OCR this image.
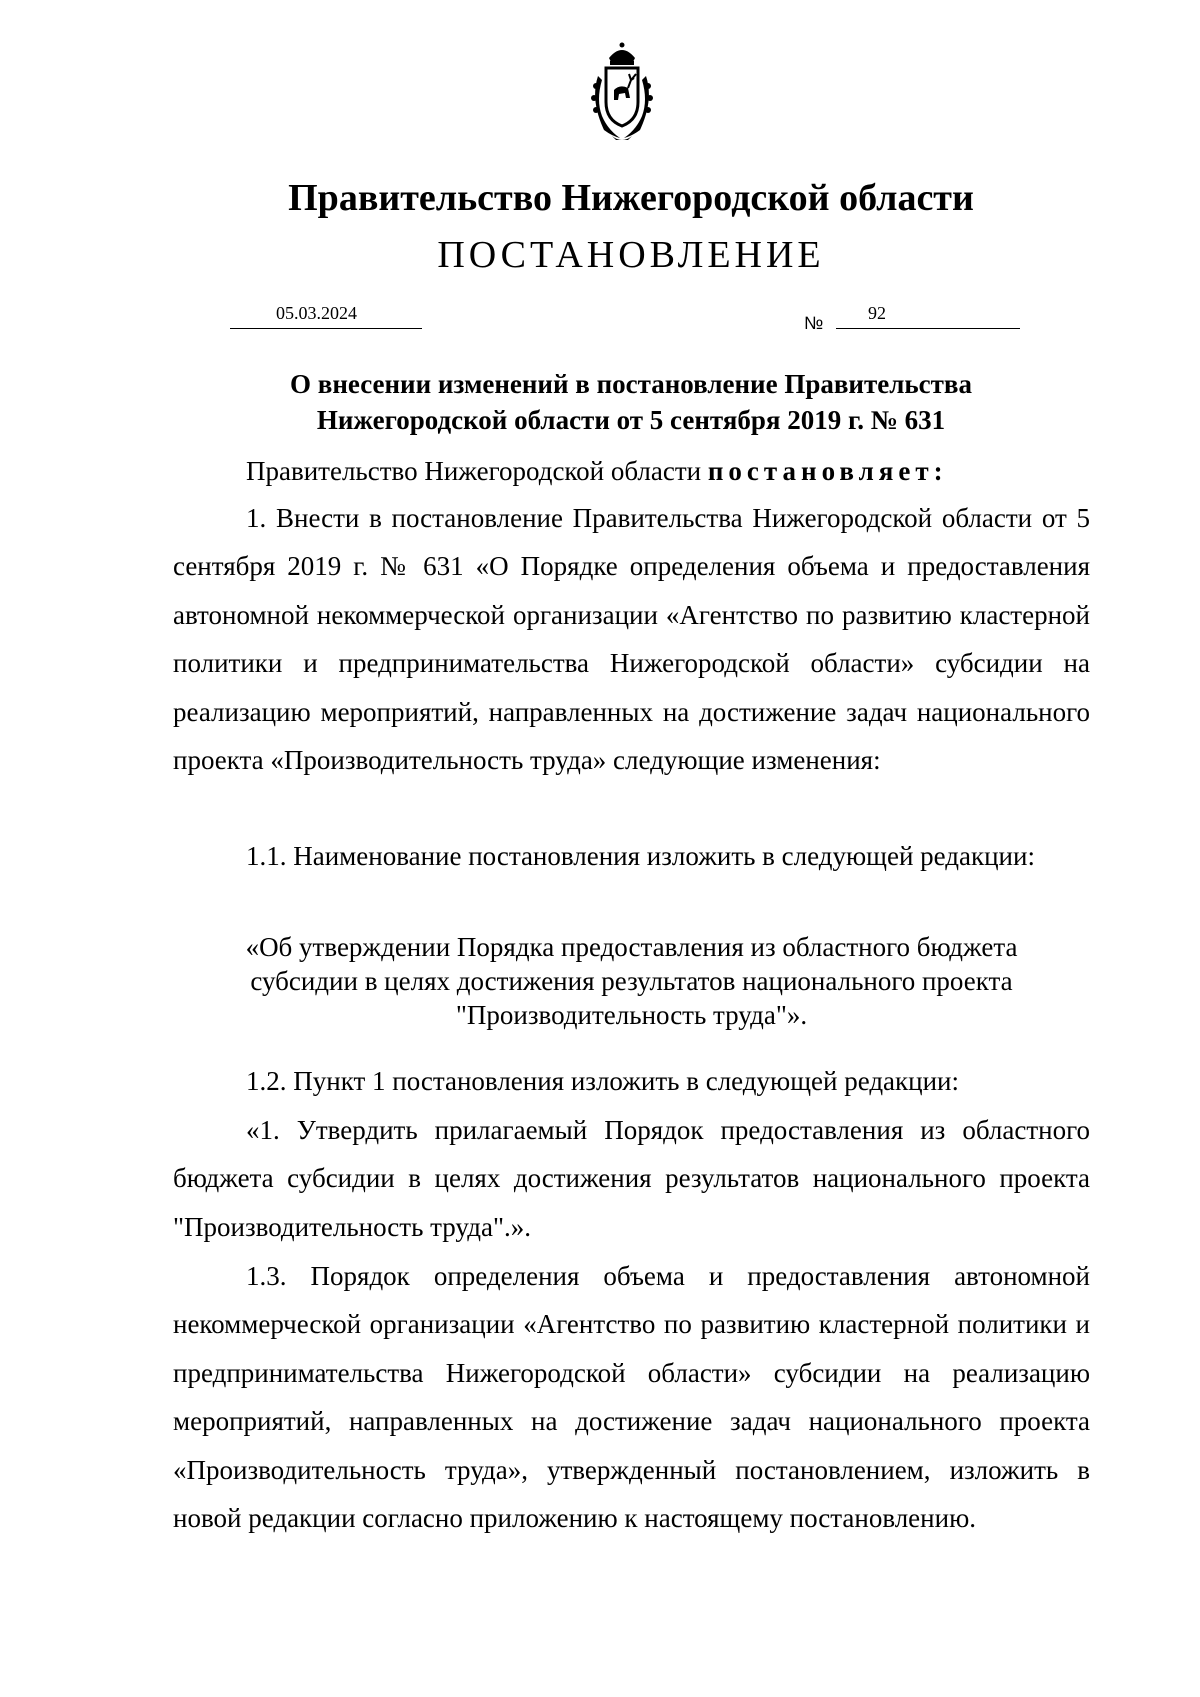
Правительство Нижегородской области
ПОСТАНОВЛЕНИЕ
05.03.2024	№ 92
О внесении изменений в постановление Правительства
Нижегородской области от 5 сентября 2019 г. № 631

Правительство Нижегородской области постановляет:

1. Внести в постановление Правительства Нижегородской области от 5 сентября 2019 г. № 631 «О Порядке определения объема и предоставления автономной некоммерческой организации «Агентство по развитию кластерной политики и предпринимательства Нижегородской области» субсидии на реализацию мероприятий, направленных на достижение задач национального проекта «Производительность труда» следующие изменения:

1.1. Наименование постановления изложить в следующей редакции:

«Об утверждении Порядка предоставления из областного бюджета
субсидии в целях достижения результатов национального проекта
"Производительность труда"».

1.2. Пункт 1 постановления изложить в следующей редакции:

«1. Утвердить прилагаемый Порядок предоставления из областного бюджета субсидии в целях достижения результатов национального проекта "Производительность труда".».

1.3. Порядок определения объема и предоставления автономной некоммерческой организации «Агентство по развитию кластерной политики и предпринимательства Нижегородской области» субсидии на реализацию мероприятий, направленных на достижение задач национального проекта «Производительность труда», утвержденный постановлением, изложить в новой редакции согласно приложению к настоящему постановлению.
